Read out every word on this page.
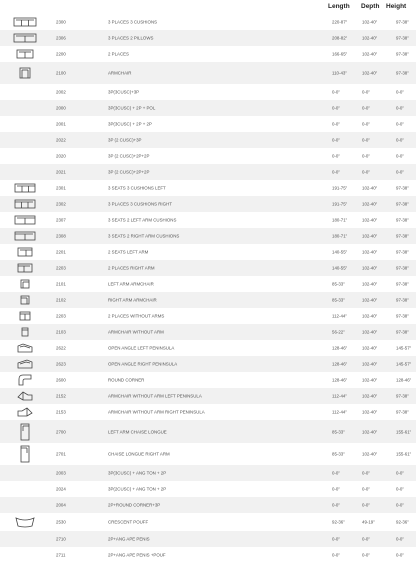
Length Depth Height
2300	3 PLACES 3 CUSHIONS	220-87"	102-40"	97-38"
2306	3 PLACES 2 PILLOWS	208-82"	102-40"	97-38"
2200	2 PLACES	166-65"	102-40"	97-38"
2100	ARMCHAIR	110-43"	102-40"	97-38"
2002	3P(3CUSC)+3P	0-0"	0-0"	0-0"
2000	3P(3CUSC) + 2P + POL	0-0"	0-0"	0-0"
2001	3P(3CUSC) + 2P + 2P	0-0"	0-0"	0-0"
2022	3P (2 CUSC)+3P	0-0"	0-0"	0-0"
2020	3P (2 CUSC)+2P+2P	0-0"	0-0"	0-0"
2021	3P (2 CUSC)+2P+2P	0-0"	0-0"	0-0"
2301	3 SEATS 3 CUSHIONS LEFT	191-75"	102-40"	97-38"
2302	3 PLACES 3 CUSHIONS RIGHT	191-75"	102-40"	97-38"
2307	3 SEATS 2 LEFT ARM CUSHIONS	180-71"	102-40"	97-38"
2308	3 SEATS 2 RIGHT ARM CUSHIONS	180-71"	102-40"	97-38"
2201	2 SEATS LEFT ARM	140-55"	102-40"	97-38"
2203	2 PLACES RIGHT ARM	140-55"	102-40"	97-38"
2101	LEFT ARM ARMCHAIR	85-33"	102-40"	97-38"
2102	RIGHT ARM ARMCHAIR	85-33"	102-40"	97-38"
2203	2 PLACES WITHOUT ARMS	112-44"	102-40"	97-38"
2103	ARMCHAIR WITHOUT ARM	56-22"	102-40"	97-38"
2622	OPEN ANGLE LEFT PENINSULA	128-46"	102-40"	145-57"
2623	OPEN ANGLE RIGHT PENINSULA	128-46"	102-40"	145-57"
2600	ROUND CORNER	128-46"	102-40"	128-46"
2152	ARMCHAIR WITHOUT ARM LEFT PENINSULA	112-44"	102-40"	97-38"
2153	ARMCHAIR WITHOUT ARM RIGHT PENINSULA	112-44"	102-40"	97-38"
2700	LEFT ARM CHAISE LONGUE	85-33"	102-40"	155-61"
2701	CHAISE LONGUE RIGHT ARM	85-33"	102-40"	155-61"
2003	3P(3CUSC) + ANG TON + 2P	0-0"	0-0"	0-0"
2024	3P(2CUSC) + ANG TON + 2P	0-0"	0-0"	0-0"
2004	2P+ROUND CORNER+3P	0-0"	0-0"	0-0"
2530	CRESCENT POUFF	92-36"	49-19"	92-36"
2710	2P+ANG APE PENIS	0-0"	0-0"	0-0"
2711	2P+ANG APE PENIS +POUF	0-0"	0-0"	0-0"
